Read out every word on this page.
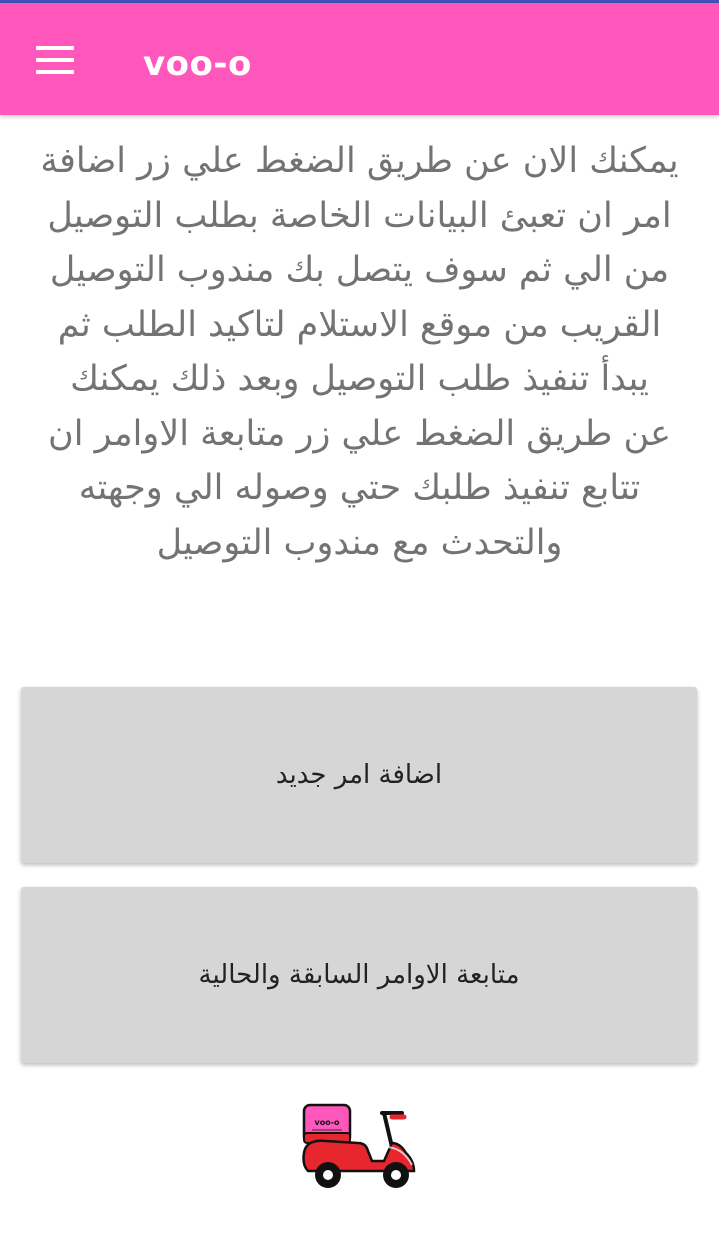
voo-o

يمكنك الان عن طريق الضغط علي زر اضافة
امر ان تعبئ البيانات الخاصة بطلب التوصيل
من الي ثم سوف يتصل بك مندوب التوصيل
القريب من موقع الاستلام لتاكيد الطلب ثم
يبدأ تنفيذ طلب التوصيل وبعد ذلك يمكنك
عن طريق الضغط علي زر متابعة الاوامر ان
تتابع تنفيذ طلبك حتي وصوله الي وجهته
والتحدث مع مندوب التوصيل

اضافة امر جديد
متابعة الاوامر السابقة والحالية
voo-o
